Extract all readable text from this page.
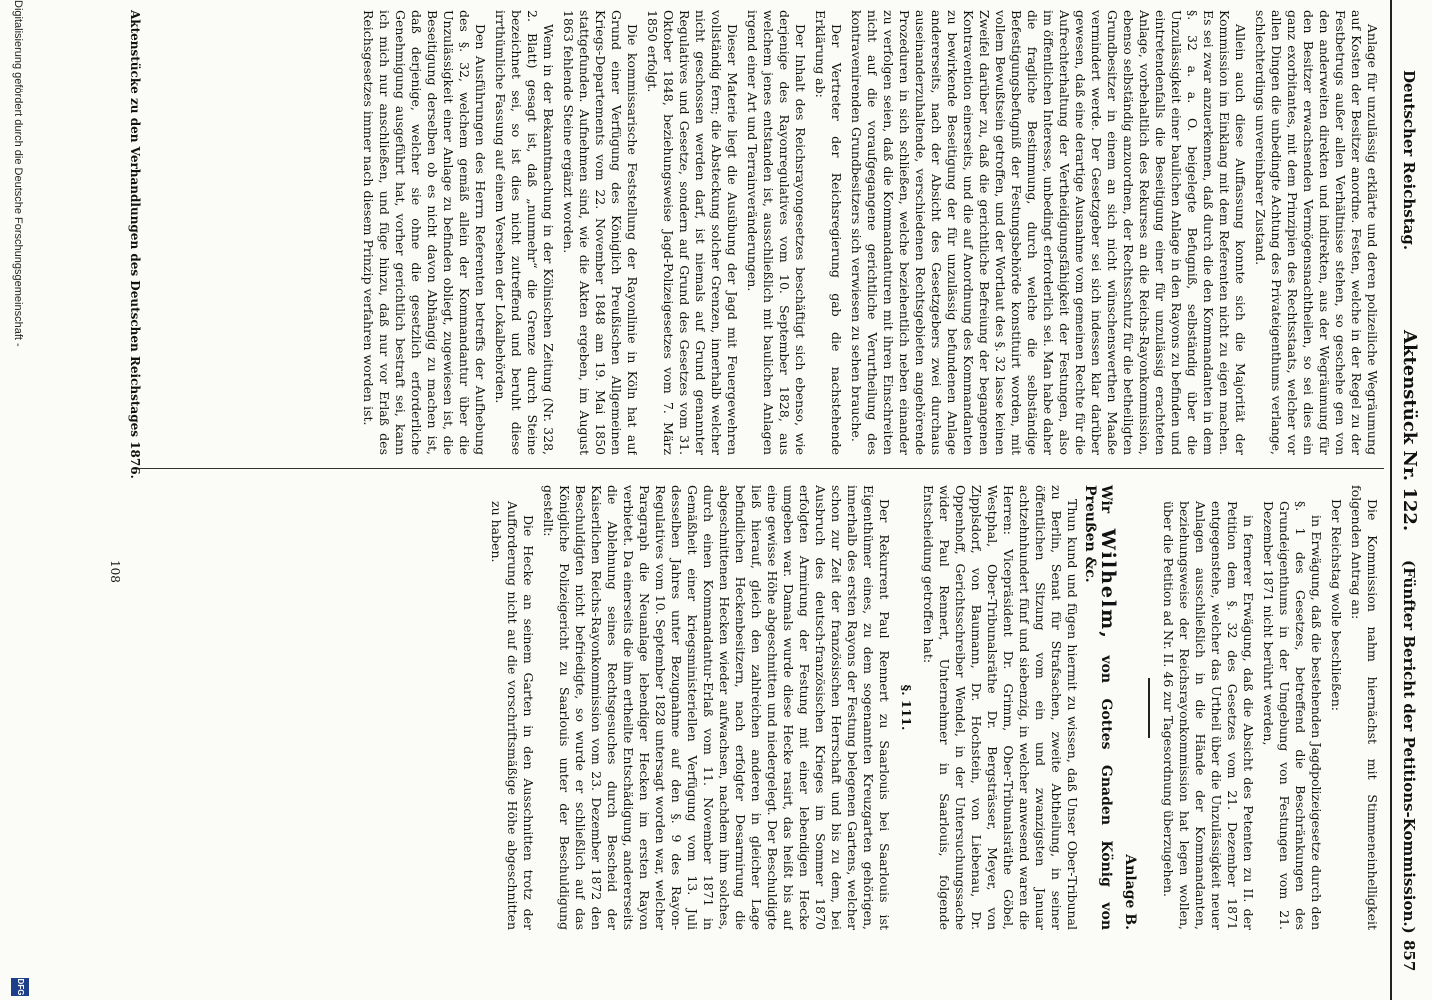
Deutscher Reichstag.
Aktenstück Nr. 122.
(Fünfter Bericht der Petitions-Kommission.)
857

Anlage für unzulässig erklärte und deren polizeiliche Wegräumung auf Kosten der Besitzer anordne. Festen, welche in der Regel zu der Festbetrugs außer allen Verhältnisse stehen, so geschehe gen von den anderweiten direkten und indirekten, aus der Wegräumung für den Besitzer erwachsenden Vermögensnachtheilen, so sei dies ein ganz exorbitantes, mit dem Prinzipien des Rechtsstaats, welcher vor allen Dingen die unbedingte Achtung des Privateigenthums verlange, schlechterdings unvereinbarer Zustand.

Allein auch diese Auffassung konnte sich die Majorität der Kommission im Einklang mit dem Referenten nicht zu eigen machen. Es sei zwar anzuerkennen, daß durch die den Kommandanten in dem §. 32 a. a. O. beigelegte Befugniß, selbständig über die Unzulässigkeit einer baulichen Anlage in den Rayons zu befinden und eintretendenfalls die Beseitigung einer für unzulässig erachteten Anlage, vorbehaltlich des Rekurses an die Reichs-Rayonkommission, ebenso selbständig anzuordnen, der Rechtsschutz für die betheiligten Grundbesitzer in einem an sich nicht wünschenswerthen Maaße vermindert werde. Der Gesetzgeber sei sich indessen klar darüber gewesen, daß eine derartige Ausnahme vom gemeinen Rechte für die Aufrechterhaltung der Vertheidigungsfähigkeit der Festungen, also im öffentlichen Interesse, unbedingt erforderlich sei. Man habe daher die fragliche Bestimmung, durch welche die selbständige Befestigungsbefugniß der Festungsbehörde konstituirt worden, mit vollem Bewußtsein getroffen, und der Wortlaut des §. 32 lasse keinen Zweifel darüber zu, daß die gerichtliche Befreiung der begangenen Kontravention einerseits, und die auf Anordnung des Kommandanten zu bewirkende Beseitigung der für unzulässig befundenen Anlage andererseits, nach der Absicht des Gesetzgebers zwei durchaus auseinanderzuhaltende, verschiedenen Rechtsgebieten angehörende Prozeduren in sich schließen, welche beziehentlich neben einander zu verfolgen seien, daß die Kommandanturen mit ihren Einschreiten nicht auf die voraufgegangene gerichtliche Verurtheilung des kontravenirenden Grundbesitzers sich verwiesen zu sehen brauche.

Der Vertreter der Reichsregierung gab die nachstehende Erklärung ab:

Der Inhalt des Reichsrayongesetzes beschäftigt sich ebenso, wie derjenige des Rayonregulatives vom 10. September 1828, aus welchem jenes entstanden ist, ausschließlich mit baulichen Anlagen irgend einer Art und Terrainveränderungen.

Dieser Materie liegt die Ausübung der Jagd mit Feuergewehren vollständig fern; die Absteckung solcher Grenzen, innerhalb welcher nicht geschossen werden darf, ist niemals auf Grund genannter Regulatives und Gesetze, sondern auf Grund des Gesetzes vom 31. Oktober 1848, beziehungsweise Jagd-Polizeigesetzes vom 7. März 1850 erfolgt.

Die kommissarische Feststellung der Rayonlinie in Köln hat auf Grund einer Verfügung des Königlich Preußischen Allgemeinen Kriegs-Departements vom 22. November 1848 am 19. Mai 1850 stattgefunden. Aufnehmen sind, wie die Akten ergeben, im August 1863 fehlende Steine ergänzt worden.

Wenn in der Bekanntmachung in der Kölnischen Zeitung (Nr. 328, 2. Blatt) gesagt ist, daß „nunmehr“ die Grenze durch Steine bezeichnet sei, so ist dies nicht zutreffend und beruht diese irrthümliche Fassung auf einem Versehen der Lokalbehörden.

Den Ausführungen des Herrn Referenten betreffs der Aufhebung des §. 32, welchem gemäß allein der Kommandantur über die Unzulässigkeit einer Anlage zu befinden obliegt, zugewiesen ist, die Beseitigung derselben ob es nicht davon Abhängig zu machen ist, daß derjenige, welcher sie ohne die gesetzlich erforderliche Genehmigung ausgeführt hat, vorher gerichtlich bestraft sei, kann ich mich nur anschließen, und füge hinzu, daß nur vor Erlaß des Reichsgesetzes immer nach diesem Prinzip verfahren worden ist.

Die Kommission nahm hiernächst mit Stimmeneinhelligkeit folgenden Antrag an:

Der Reichstag wolle beschließen:

in Erwägung, daß die bestehenden Jagdpolizeigesetze durch den §. 1 des Gesetzes, betreffend die Beschränkungen des Grundeigenthums in der Umgebung von Festungen vom 21. Dezember 1871 nicht berührt werden,

in fernerer Erwägung, daß die Absicht des Petenten zu II. der Petition dem §. 32 des Gesetzes vom 21. Dezember 1871 entgegenstehe, welcher das Urtheil über die Unzulässigkeit neuer Anlagen ausschließlich in die Hände der Kommandanten, beziehungsweise der Reichsrayonkommission hat legen wollen, über die Petition ad Nr. II. 46 zur Tagesordnung überzugehen.

Anlage B.
Wir Wilhelm, von Gottes Gnaden König von Preußen &c.

Thun kund und fügen hiermit zu wissen, daß Unser Ober-Tribunal zu Berlin, Senat für Strafsachen, zweite Abtheilung, in seiner öffentlichen Sitzung vom ein und zwanzigsten Januar achtzehnhundert fünf und siebenzig, in welcher anwesend waren die Herren: Vicepräsident Dr. Grimm, Ober-Tribunalsräthe Göbel, Westphal, Ober-Tribunalsräthe Dr. Bergsträsser, Meyer, von Zipplsdorf, von Baumann, Dr. Hochstein, von Liebenau, Dr. Oppenhoff, Gerichtsschreiber Wendel, in der Untersuchungssache wider Paul Rennert, Unternehmer in Saarlouis, folgende Entscheidung getroffen hat:

§. 111.

Der Rekurrent Paul Rennert zu Saarlouis bei Saarlouis ist Eigenthümer eines, zu dem sogenannten Kreuzgarten gehörigen, innerhalb des ersten Rayons der Festung belegenen Gartens, welcher schon zur Zeit der französischen Herrschaft und bis zu dem, bei Ausbruch des deutsch-französischen Krieges im Sommer 1870 erfolgten Armirung der Festung mit einer lebendigen Hecke umgeben war. Damals wurde diese Hecke rasirt, das heißt bis auf eine gewisse Höhe abgeschnitten und niedergelegt. Der Beschuldigte ließ hierauf, gleich den zahlreichen anderen in gleicher Lage befindlichen Heckenbesitzern, nach erfolgter Desarmirung die abgeschnittenen Hecken wieder aufwachsen, nachdem ihm solches, durch einen Kommandantur-Erlaß vom 11. November 1871 in Gemäßheit einer kriegsministeriellen Verfügung vom 13. Juli desselben Jahres unter Bezugnahme auf den §. 9 des Rayon-Regulatives vom 10. September 1828 untersagt worden war, welcher Paragraph die Neuanlage lebendiger Hecken im ersten Rayon verbietet. Da einerseits die ihm ertheilte Entschädigung, andererseits die Ablehnung seines Rechtsgesuches durch Bescheid der Kaiserlichen Reichs-Rayonkommission vom 23. Dezember 1872 den Beschuldigten nicht befriedigte, so wurde er schließlich auf das Königliche Polizeigericht zu Saarlouis unter der Beschuldigung gestellt:

Die Hecke an seinem Garten in den Ausschnitten trotz der Aufforderung nicht auf die vorschriftsmäßige Höhe abgeschnitten zu haben.

Aktenstücke zu den Verhandlungen des Deutschen Reichstages 1876.
108
Digitalisierung gefördert durch die Deutsche Forschungsgemeinschaft -
DFG
